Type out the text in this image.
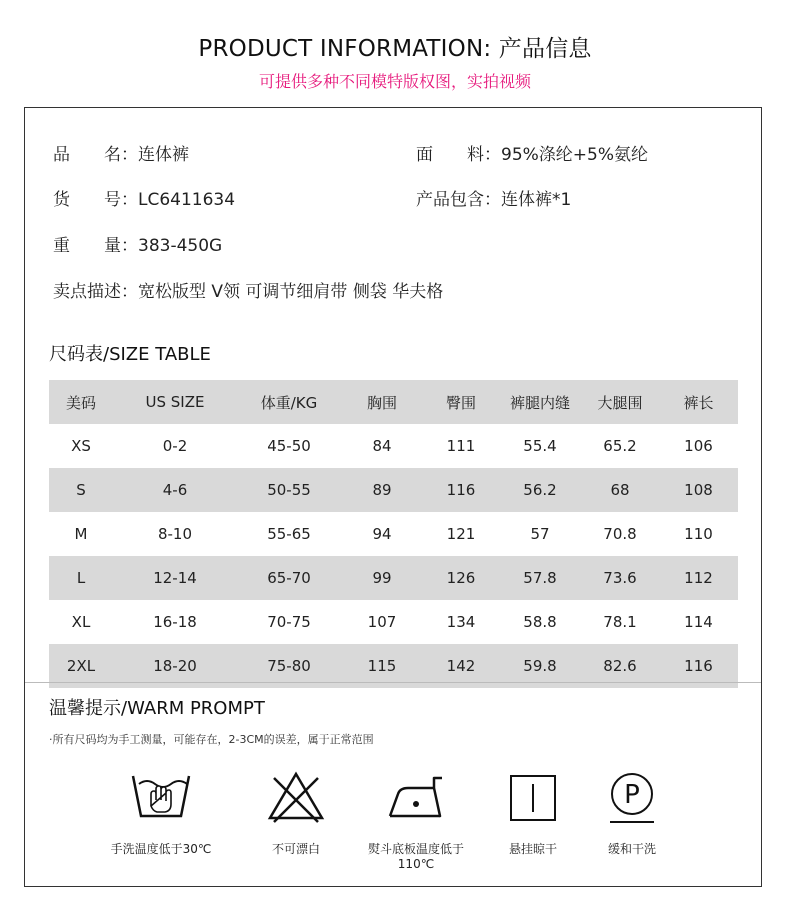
PRODUCT INFORMATION: 产品信息
可提供多种不同模特版权图，实拍视频
品　　名：连体裤	面　　料：95%涤纶+5%氨纶
货　　号：LC6411634	产品包含：连体裤*1
重　　量：383-450G
卖点描述：宽松版型 V领 可调节细肩带 侧袋 华夫格
尺码表/SIZE TABLE
美码	US SIZE	体重/KG	胸围	臀围	裤腿内缝	大腿围	裤长
XS	0-2	45-50	84	111	55.4	65.2	106
S	4-6	50-55	89	116	56.2	68	108
M	8-10	55-65	94	121	57	70.8	110
L	12-14	65-70	99	126	57.8	73.6	112
XL	16-18	70-75	107	134	58.8	78.1	114
2XL	18-20	75-80	115	142	59.8	82.6	116
温馨提示/WARM PROMPT
·所有尺码均为手工测量，可能存在，2-3CM的误差，属于正常范围
手洗温度低于30℃	不可漂白	熨斗底板温度低于110℃
悬挂晾干
P
缓和干洗
